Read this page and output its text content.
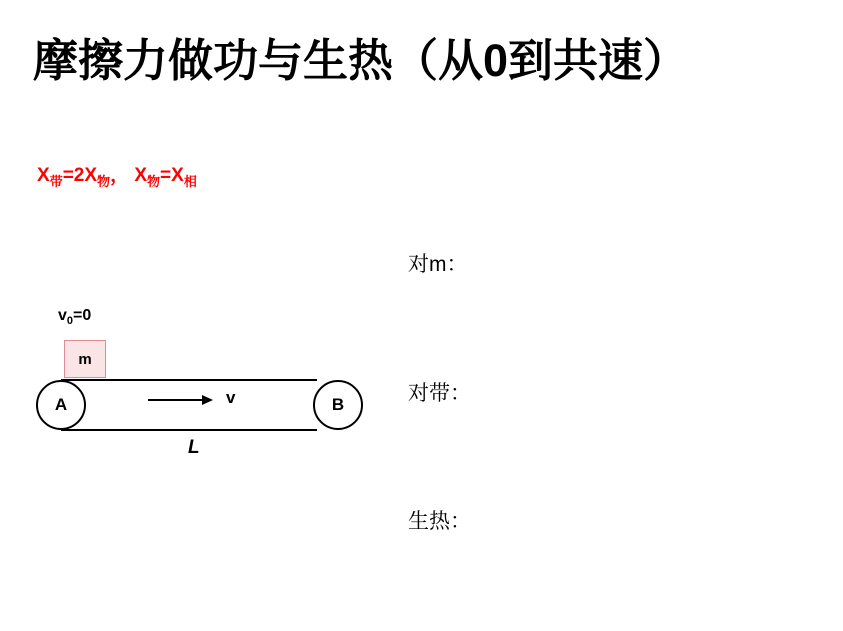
摩擦力做功与生热（从0到共速）
$X_带=2X_物$， $X_物=X_相$
对m：
对带：
生热：
$v_0=0$
m
A	B
v
L
